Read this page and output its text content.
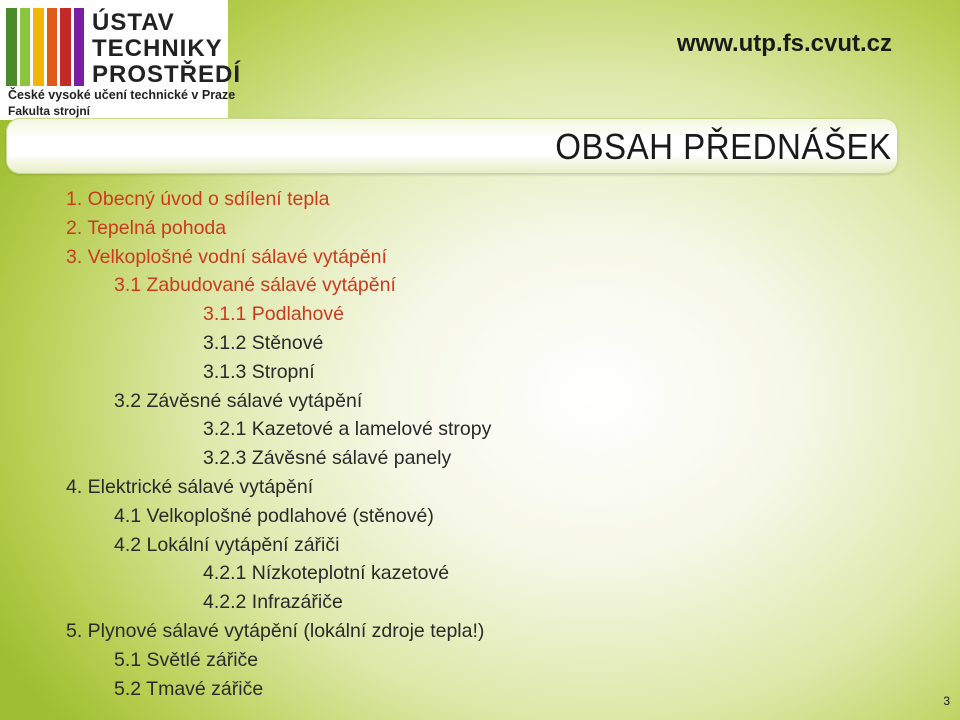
ÚSTAV
TECHNIKY
PROSTŘEDÍ
České vysoké učení technické v Praze
Fakulta strojní
www.utp.fs.cvut.cz
OBSAH PŘEDNÁŠEK
1. Obecný úvod o sdílení tepla
2. Tepelná pohoda
3. Velkoplošné vodní sálavé vytápění
3.1 Zabudované sálavé vytápění
3.1.1 Podlahové
3.1.2 Stěnové
3.1.3 Stropní
3.2 Závěsné sálavé vytápění
3.2.1 Kazetové a lamelové stropy
3.2.3 Závěsné sálavé panely
4. Elektrické sálavé vytápění
4.1 Velkoplošné podlahové (stěnové)
4.2 Lokální vytápění zářiči
4.2.1 Nízkoteplotní kazetové
4.2.2 Infrazářiče
5. Plynové sálavé vytápění (lokální zdroje tepla!)
5.1 Světlé zářiče
5.2 Tmavé zářiče
3
